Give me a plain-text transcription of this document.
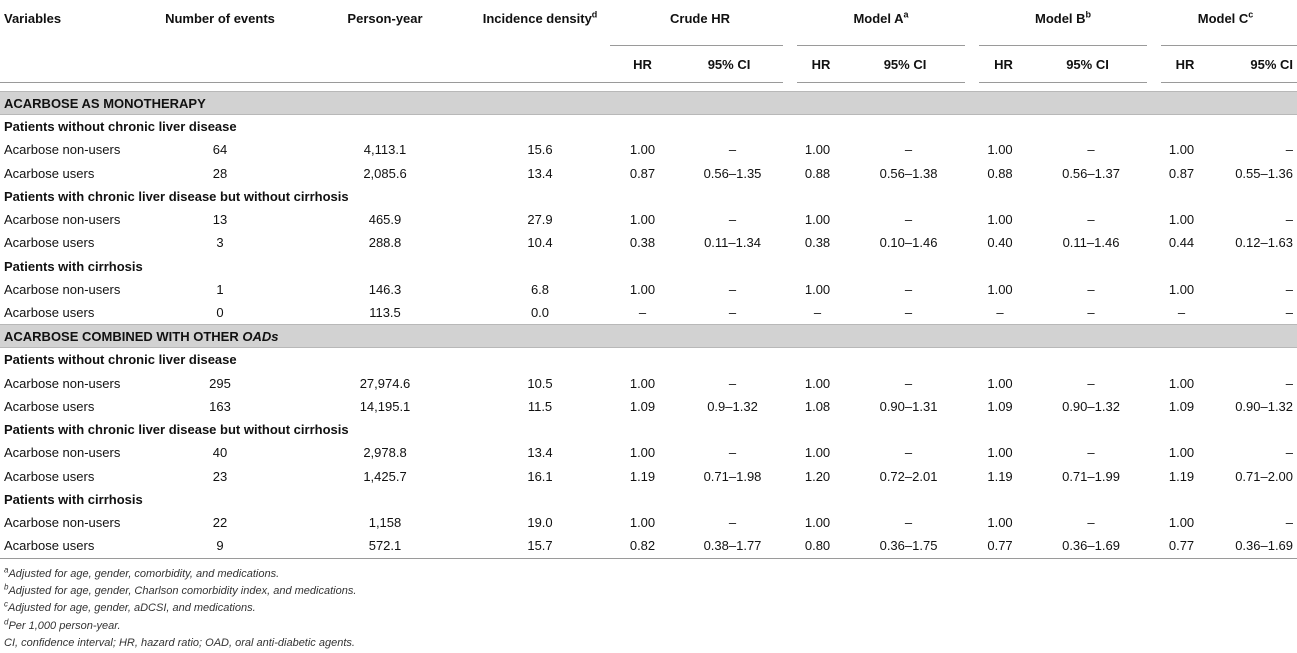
Variables	Number of events	Person-year	Incidence density$^d$	Crude HR		Model $A^a$		Model $B^b$		Model $C^c$
				HR	95% CI	HR	95% CI	HR	95% CI	HR	95% CI

ACARBOSE AS MONOTHERAPY											
Patients without chronic liver disease											
Acarbose non-users	64	4,113.1	15.6	1.00	–	1.00	–	1.00	–	1.00	–
Acarbose users	28	2,085.6	13.4	0.87	0.56–1.35	0.88	0.56–1.38	0.88	0.56–1.37	0.87	0.55–1.36
Patients with chronic liver disease but without cirrhosis											
Acarbose non-users	13	465.9	27.9	1.00	–	1.00	–	1.00	–	1.00	–
Acarbose users	3	288.8	10.4	0.38	0.11–1.34	0.38	0.10–1.46	0.40	0.11–1.46	0.44	0.12–1.63
Patients with cirrhosis											
Acarbose non-users	1	146.3	6.8	1.00	–	1.00	–	1.00	–	1.00	–
Acarbose users	0	113.5	0.0	–	–	–	–	–	–	–	–
ACARBOSE COMBINED WITH OTHER OADs											
Patients without chronic liver disease											
Acarbose non-users	295	27,974.6	10.5	1.00	–	1.00	–	1.00	–	1.00	–
Acarbose users	163	14,195.1	11.5	1.09	0.9–1.32	1.08	0.90–1.31	1.09	0.90–1.32	1.09	0.90–1.32
Patients with chronic liver disease but without cirrhosis											
Acarbose non-users	40	2,978.8	13.4	1.00	–	1.00	–	1.00	–	1.00	–
Acarbose users	23	1,425.7	16.1	1.19	0.71–1.98	1.20	0.72–2.01	1.19	0.71–1.99	1.19	0.71–2.00
Patients with cirrhosis											
Acarbose non-users	22	1,158	19.0	1.00	–	1.00	–	1.00	–	1.00	–
Acarbose users	9	572.1	15.7	0.82	0.38–1.77	0.80	0.36–1.75	0.77	0.36–1.69	0.77	0.36–1.69
$^a$Adjusted for age, gender, comorbidity, and medications.
$^b$Adjusted for age, gender, Charlson comorbidity index, and medications.
$^c$Adjusted for age, gender, aDCSI, and medications.
$^d$Per 1,000 person-year.
CI, confidence interval; HR, hazard ratio; OAD, oral anti-diabetic agents.
